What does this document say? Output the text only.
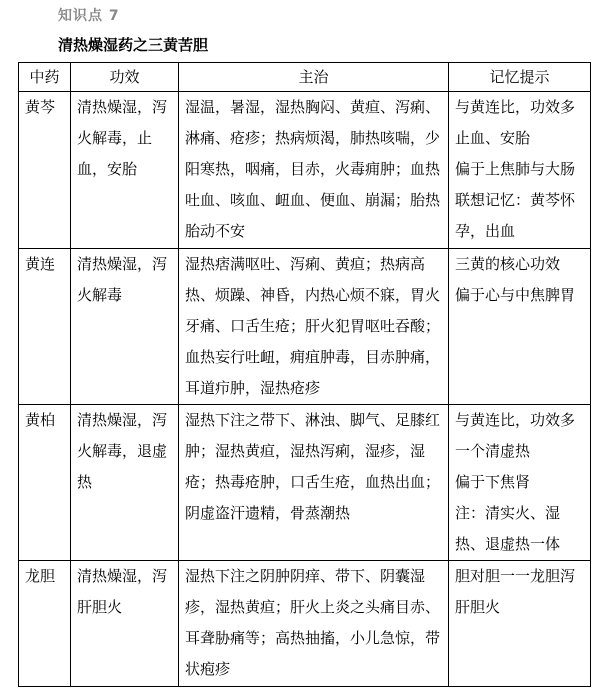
知识点 7
清热燥湿药之三黄苦胆
中药	功效	主治	记忆提示
黄芩	清热燥湿，泻火解毒，止血，安胎	湿温，暑湿，湿热胸闷、黄疸、泻痢、淋痛、疮疹；热病烦渴，肺热咳喘，少阳寒热，咽痛，目赤，火毒痈肿；血热吐血、咳血、衄血、便血、崩漏；胎热胎动不安	与黄连比，功效多止血、安胎
偏于上焦肺与大肠
联想记忆：黄芩怀孕，出血

黄连	清热燥湿，泻火解毒	湿热痞满呕吐、泻痢、黄疸；热病高热、烦躁、神昏，内热心烦不寐，胃火牙痛、口舌生疮；肝火犯胃呕吐吞酸；血热妄行吐衄，痈疽肿毒，目赤肿痛，耳道疖肿，湿热疮疹	三黄的核心功效
偏于心与中焦脾胃

黄柏	清热燥湿，泻火解毒，退虚热	湿热下注之带下、淋浊、脚气、足膝红肿；湿热黄疸，湿热泻痢，湿疹，湿疮；热毒疮肿，口舌生疮，血热出血；阴虚盗汗遗精，骨蒸潮热	与黄连比，功效多一个清虚热
偏于下焦肾
注：清实火、湿热、退虚热一体

龙胆	清热燥湿，泻肝胆火	湿热下注之阴肿阴痒、带下、阴囊湿疹，湿热黄疸；肝火上炎之头痛目赤、耳聋胁痛等；高热抽搐，小儿急惊，带状疱疹	胆对胆一一龙胆泻肝胆火
